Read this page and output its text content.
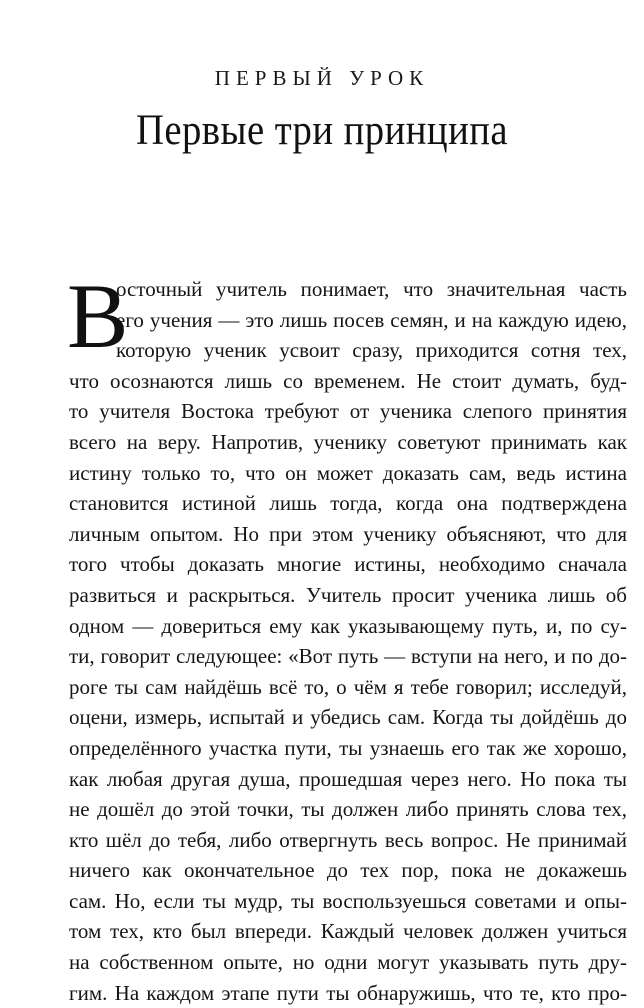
ПЕРВЫЙ УРОК
Первые три принципа
В
осточный учитель понимает, что значительная часть
его учения — это лишь посев семян, и на каждую идею,
которую ученик усвоит сразу, приходится сотня тех,
что осознаются лишь со временем. Не стоит думать, буд-
то учителя Востока требуют от ученика слепого принятия
всего на веру. Напротив, ученику советуют принимать как
истину только то, что он может доказать сам, ведь истина
становится истиной лишь тогда, когда она подтверждена
личным опытом. Но при этом ученику объясняют, что для
того чтобы доказать многие истины, необходимо сначала
развиться и раскрыться. Учитель просит ученика лишь об
одном — довериться ему как указывающему путь, и, по су-
ти, говорит следующее: «Вот путь — вступи на него, и по до-
роге ты сам найдёшь всё то, о чём я тебе говорил; исследуй,
оцени, измерь, испытай и убедись сам. Когда ты дойдёшь до
определённого участка пути, ты узнаешь его так же хорошо,
как любая другая душа, прошедшая через него. Но пока ты
не дошёл до этой точки, ты должен либо принять слова тех,
кто шёл до тебя, либо отвергнуть весь вопрос. Не принимай
ничего как окончательное до тех пор, пока не докажешь
сам. Но, если ты мудр, ты воспользуешься советами и опы-
том тех, кто был впереди. Каждый человек должен учиться
на собственном опыте, но одни могут указывать путь дру-
гим. На каждом этапе пути ты обнаружишь, что те, кто про-
